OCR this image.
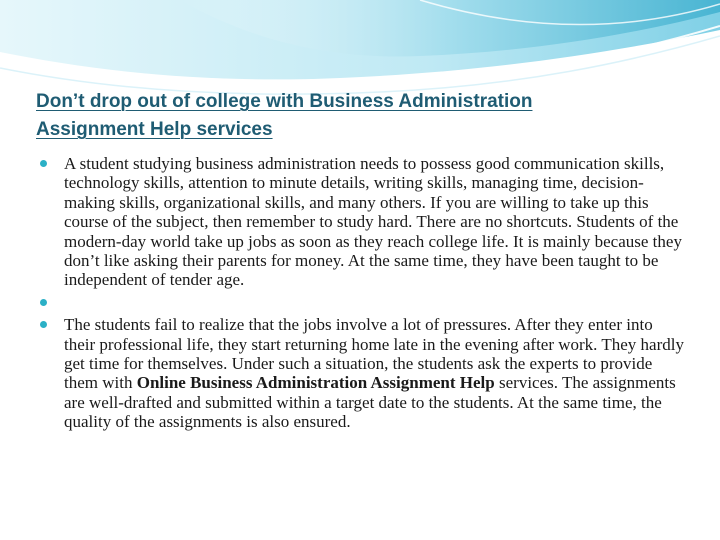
Don’t drop out of college with Business Administration
Assignment Help services
A student studying business administration needs to possess good communication skills, technology skills, attention to minute details, writing skills, managing time, decision-making skills, organizational skills, and many others. If you are willing to take up this course of the subject, then remember to study hard. There are no shortcuts. Students of the modern-day world take up jobs as soon as they reach college life. It is mainly because they don’t like asking their parents for money. At the same time, they have been taught to be independent of tender age.
The students fail to realize that the jobs involve a lot of pressures. After they enter into their professional life, they start returning home late in the evening after work. They hardly get time for themselves. Under such a situation, the students ask the experts to provide them with Online Business Administration Assignment Help services. The assignments are well-drafted and submitted within a target date to the students. At the same time, the quality of the assignments is also ensured.
